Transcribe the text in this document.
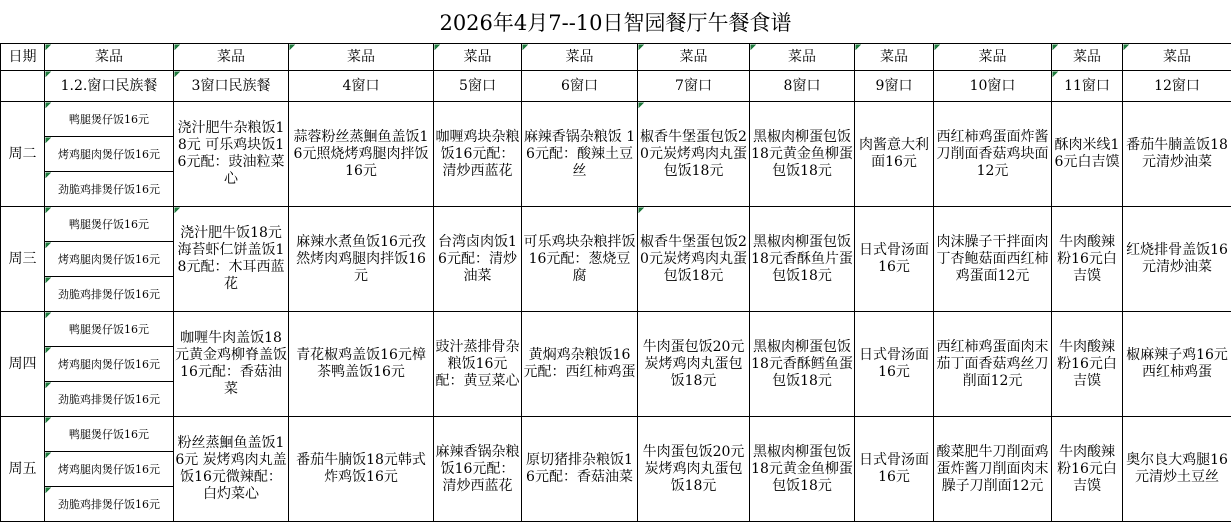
2026年4月7--10日智园餐厅午餐食谱
日期	菜品	菜品	菜品	菜品	菜品	菜品	菜品	菜品	菜品	菜品	菜品
	1.2.窗口民族餐	3窗口民族餐	4窗口	5窗口	6窗口	7窗口	8窗口	9窗口	10窗口	11窗口	12窗口
周二	鸭腿煲仔饭16元	浇汁肥牛杂粮饭18元 可乐鸡块饭16元配：豉油粒菜心	蒜蓉粉丝蒸鮰鱼盖饭16元照烧烤鸡腿肉拌饭16元	咖喱鸡块杂粮饭16元配：清炒西蓝花	麻辣香锅杂粮饭 16元配：酸辣土豆丝	椒香牛堡蛋包饭20元炭烤鸡肉丸蛋包饭18元	黑椒肉柳蛋包饭18元黄金鱼柳蛋包饭18元	肉酱意大利面16元	西红柿鸡蛋面炸酱刀削面香菇鸡块面12元	酥肉米线16元白吉馍	番茄牛腩盖饭18元清炒油菜
	烤鸡腿肉煲仔饭16元										
	劲脆鸡排煲仔饭16元										
周三	鸭腿煲仔饭16元	浇汁肥牛饭18元 海苔虾仁饼盖饭18元配：木耳西蓝花	麻辣水煮鱼饭16元孜然烤肉鸡腿肉拌饭16元	台湾卤肉饭16元配：清炒油菜	可乐鸡块杂粮拌饭 16元配：葱烧豆腐	椒香牛堡蛋包饭20元炭烤鸡肉丸蛋包饭18元	黑椒肉柳蛋包饭18元香酥鱼片蛋包饭18元	日式骨汤面16元	肉沫臊子干拌面肉丁杏鲍菇面西红柿鸡蛋面12元	牛肉酸辣粉16元白吉馍	红烧排骨盖饭16元清炒油菜
	烤鸡腿肉煲仔饭16元										
	劲脆鸡排煲仔饭16元										
周四	鸭腿煲仔饭16元	咖喱牛肉盖饭18元黄金鸡柳脊盖饭16元配：香菇油菜	青花椒鸡盖饭16元樟茶鸭盖饭16元	豉汁蒸排骨杂粮饭16元配：黄豆菜心	黄焖鸡杂粮饭16元配：西红柿鸡蛋	牛肉蛋包饭20元炭烤鸡肉丸蛋包饭18元	黑椒肉柳蛋包饭18元香酥鳕鱼蛋包饭18元	日式骨汤面16元	西红柿鸡蛋面肉末茄丁面香菇鸡丝刀削面12元	牛肉酸辣粉16元白吉馍	椒麻辣子鸡16元西红柿鸡蛋
	烤鸡腿肉煲仔饭16元										
	劲脆鸡排煲仔饭16元										
周五	鸭腿煲仔饭16元	粉丝蒸鮰鱼盖饭16元 炭烤鸡肉丸盖饭16元微辣配：白灼菜心	番茄牛腩饭18元韩式炸鸡饭16元	麻辣香锅杂粮饭16元配：清炒西蓝花	原切猪排杂粮饭16元配：香菇油菜	牛肉蛋包饭20元炭烤鸡肉丸蛋包饭18元	黑椒肉柳蛋包饭18元黄金鱼柳蛋包饭18元	日式骨汤面16元	酸菜肥牛刀削面鸡蛋炸酱刀削面肉末臊子刀削面12元	牛肉酸辣粉16元白吉馍	奥尔良大鸡腿16元清炒土豆丝
	烤鸡腿肉煲仔饭16元										
	劲脆鸡排煲仔饭16元										
